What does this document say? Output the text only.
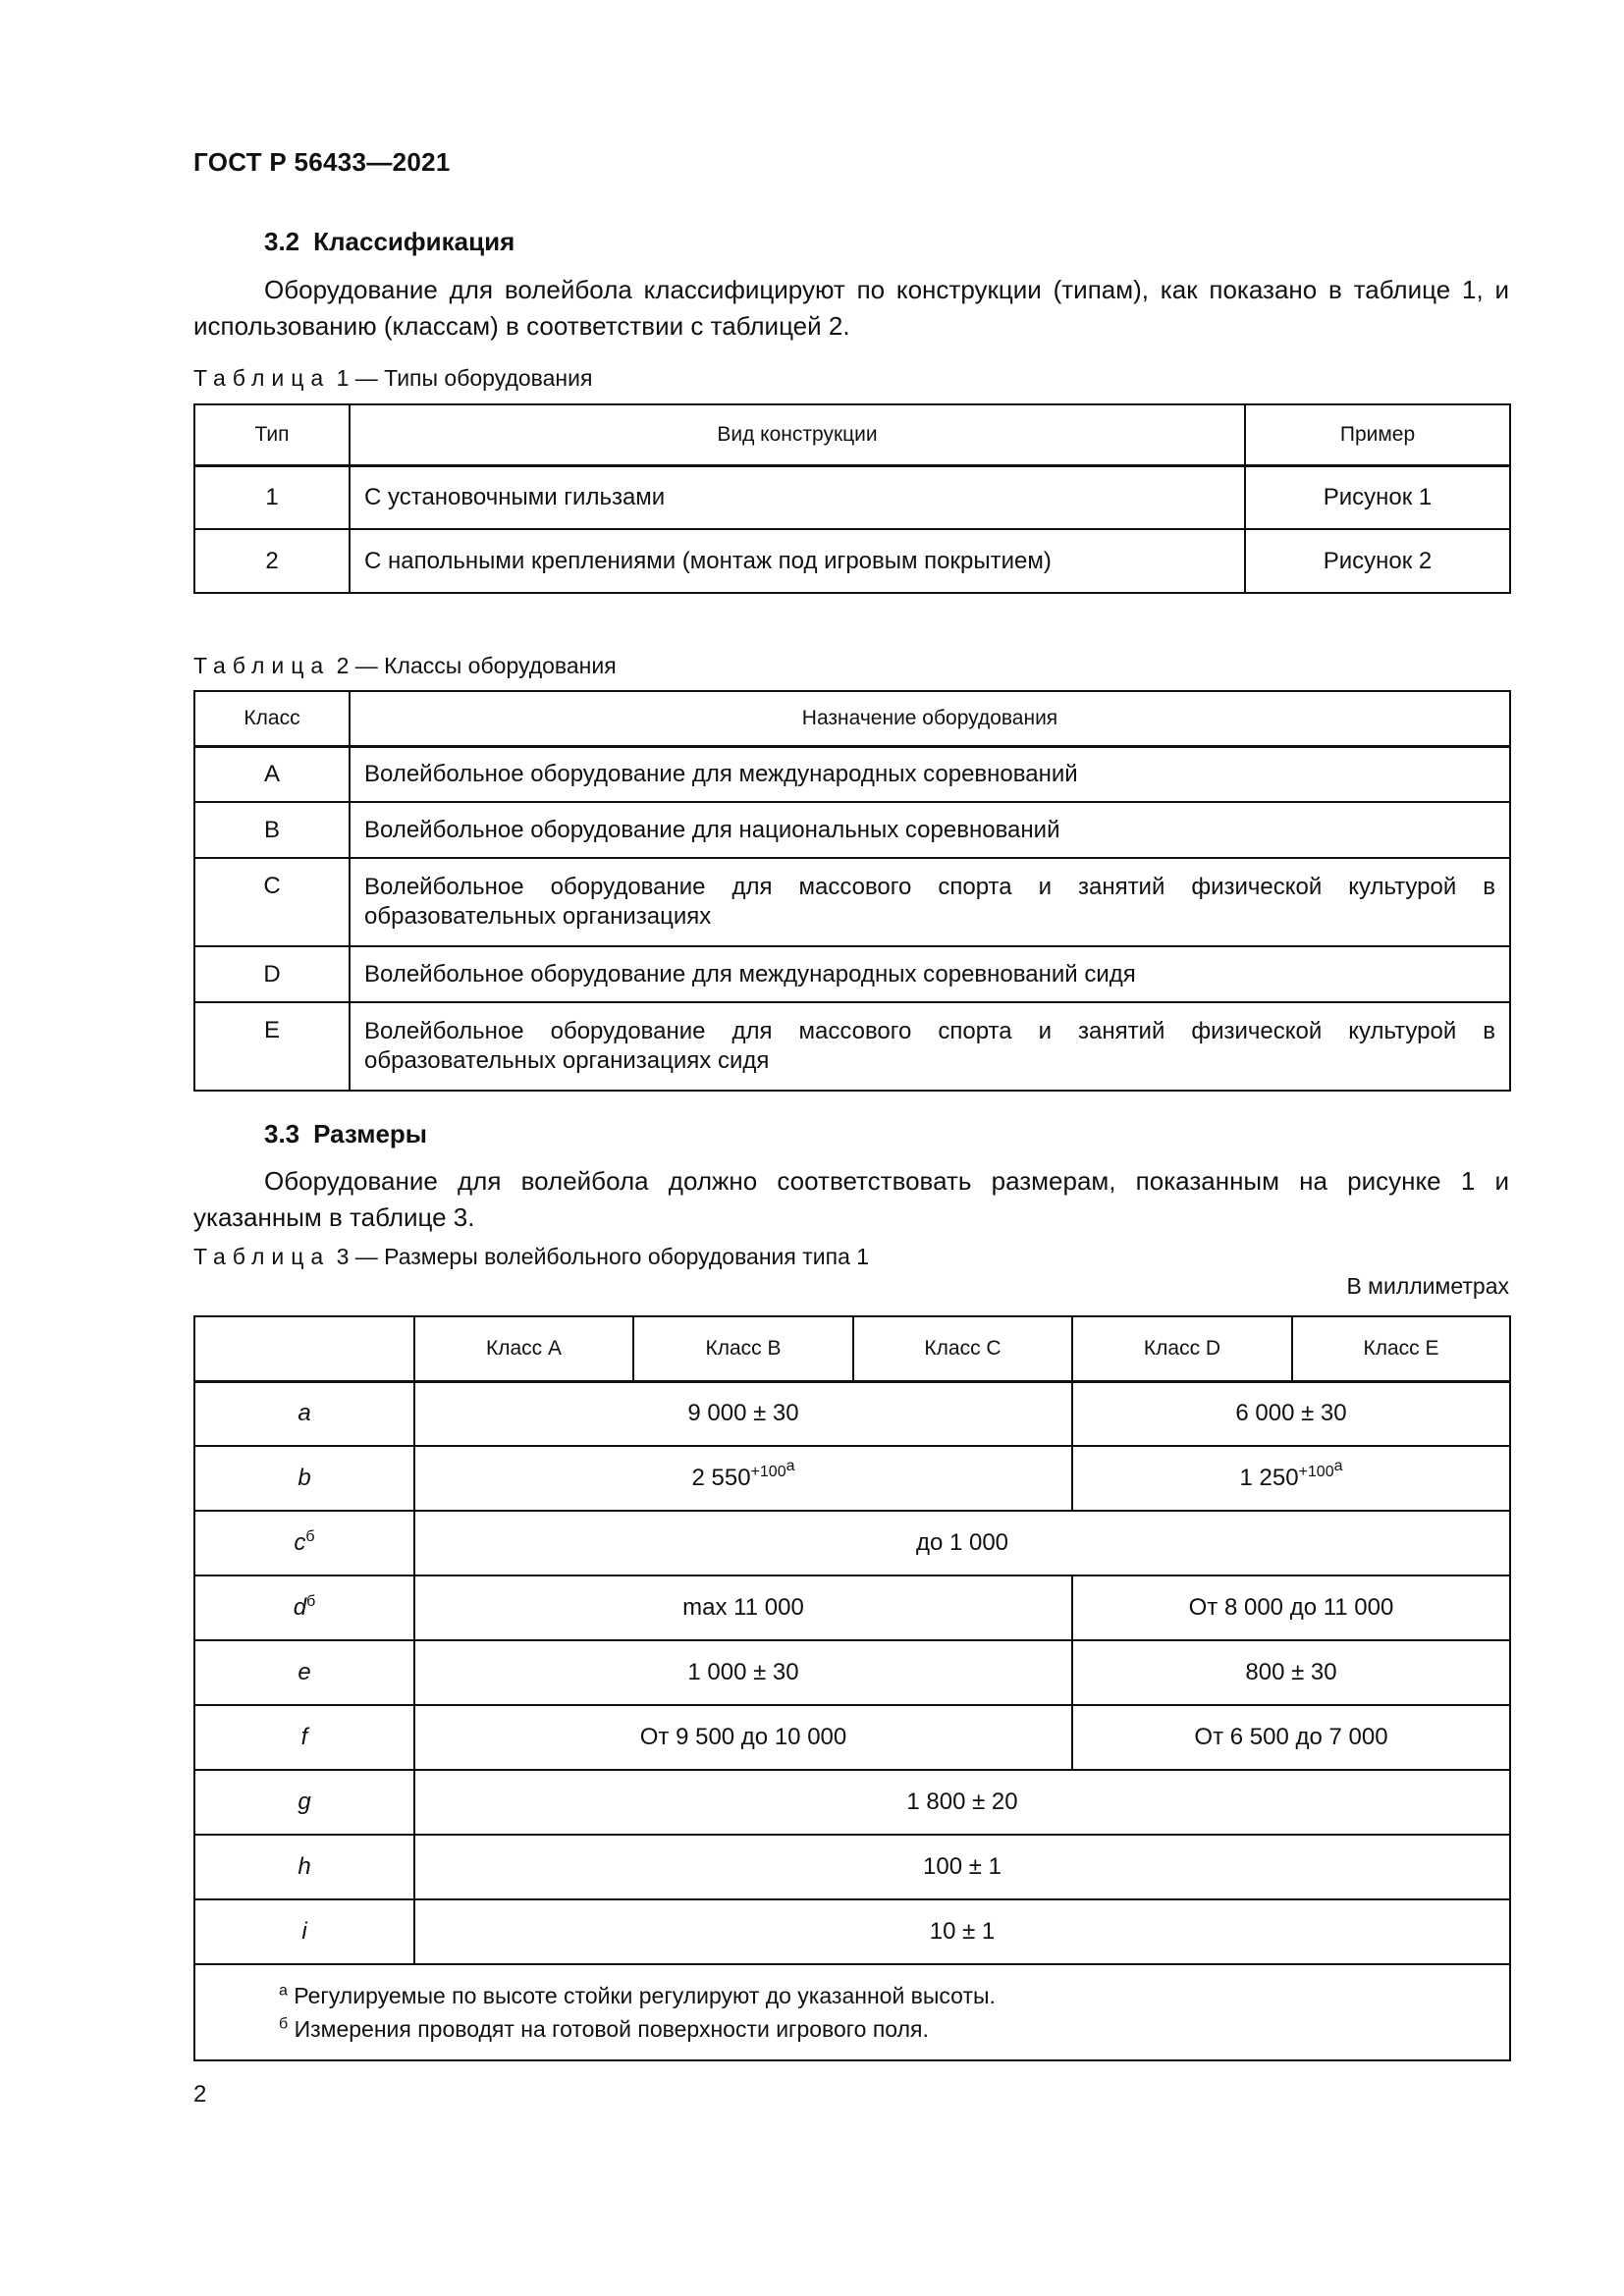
ГОСТ Р 56433—2021
3.2 Классификация

Оборудование для волейбола классифицируют по конструкции (типам), как показано в таблице 1, и использованию (классам) в соответствии с таблицей 2.

Таблица 1 — Типы оборудования
Тип	Вид конструкции	Пример
1	С установочными гильзами	Рисунок 1
2	С напольными креплениями (монтаж под игровым покрытием)	Рисунок 2
Таблица 2 — Классы оборудования
Класс	Назначение оборудования
A	Волейбольное оборудование для международных соревнований
B	Волейбольное оборудование для национальных соревнований
C	Волейбольное оборудование для массового спорта и занятий физической культурой в образовательных организациях
D	Волейбольное оборудование для международных соревнований сидя
E	Волейбольное оборудование для массового спорта и занятий физической культурой в образовательных организациях сидя
3.3 Размеры

Оборудование для волейбола должно соответствовать размерам, показанным на рисунке 1 и указанным в таблице 3.

Таблица 3 — Размеры волейбольного оборудования типа 1
В миллиметрах
	Класс A	Класс B	Класс C	Класс D	Класс E
a	9 000 ± 30			6 000 ± 30	
b	2 $550^{+100а}$			1 $250^{+100а}$
$c^б$	до 1 000				
$d^б$	max 11 000			От 8 000 до 11 000	
e	1 000 ± 30			800 ± 30	
f	От 9 500 до 10 000			От 6 500 до 7 000	
g	1 800 ± 20				
h	100 ± 1				
i	10 ± 1				

$^а$ Регулируемые по высоте стойки регулируют до указанной высоты.
$^б$ Измерения проводят на готовой поверхности игрового поля.					
2
